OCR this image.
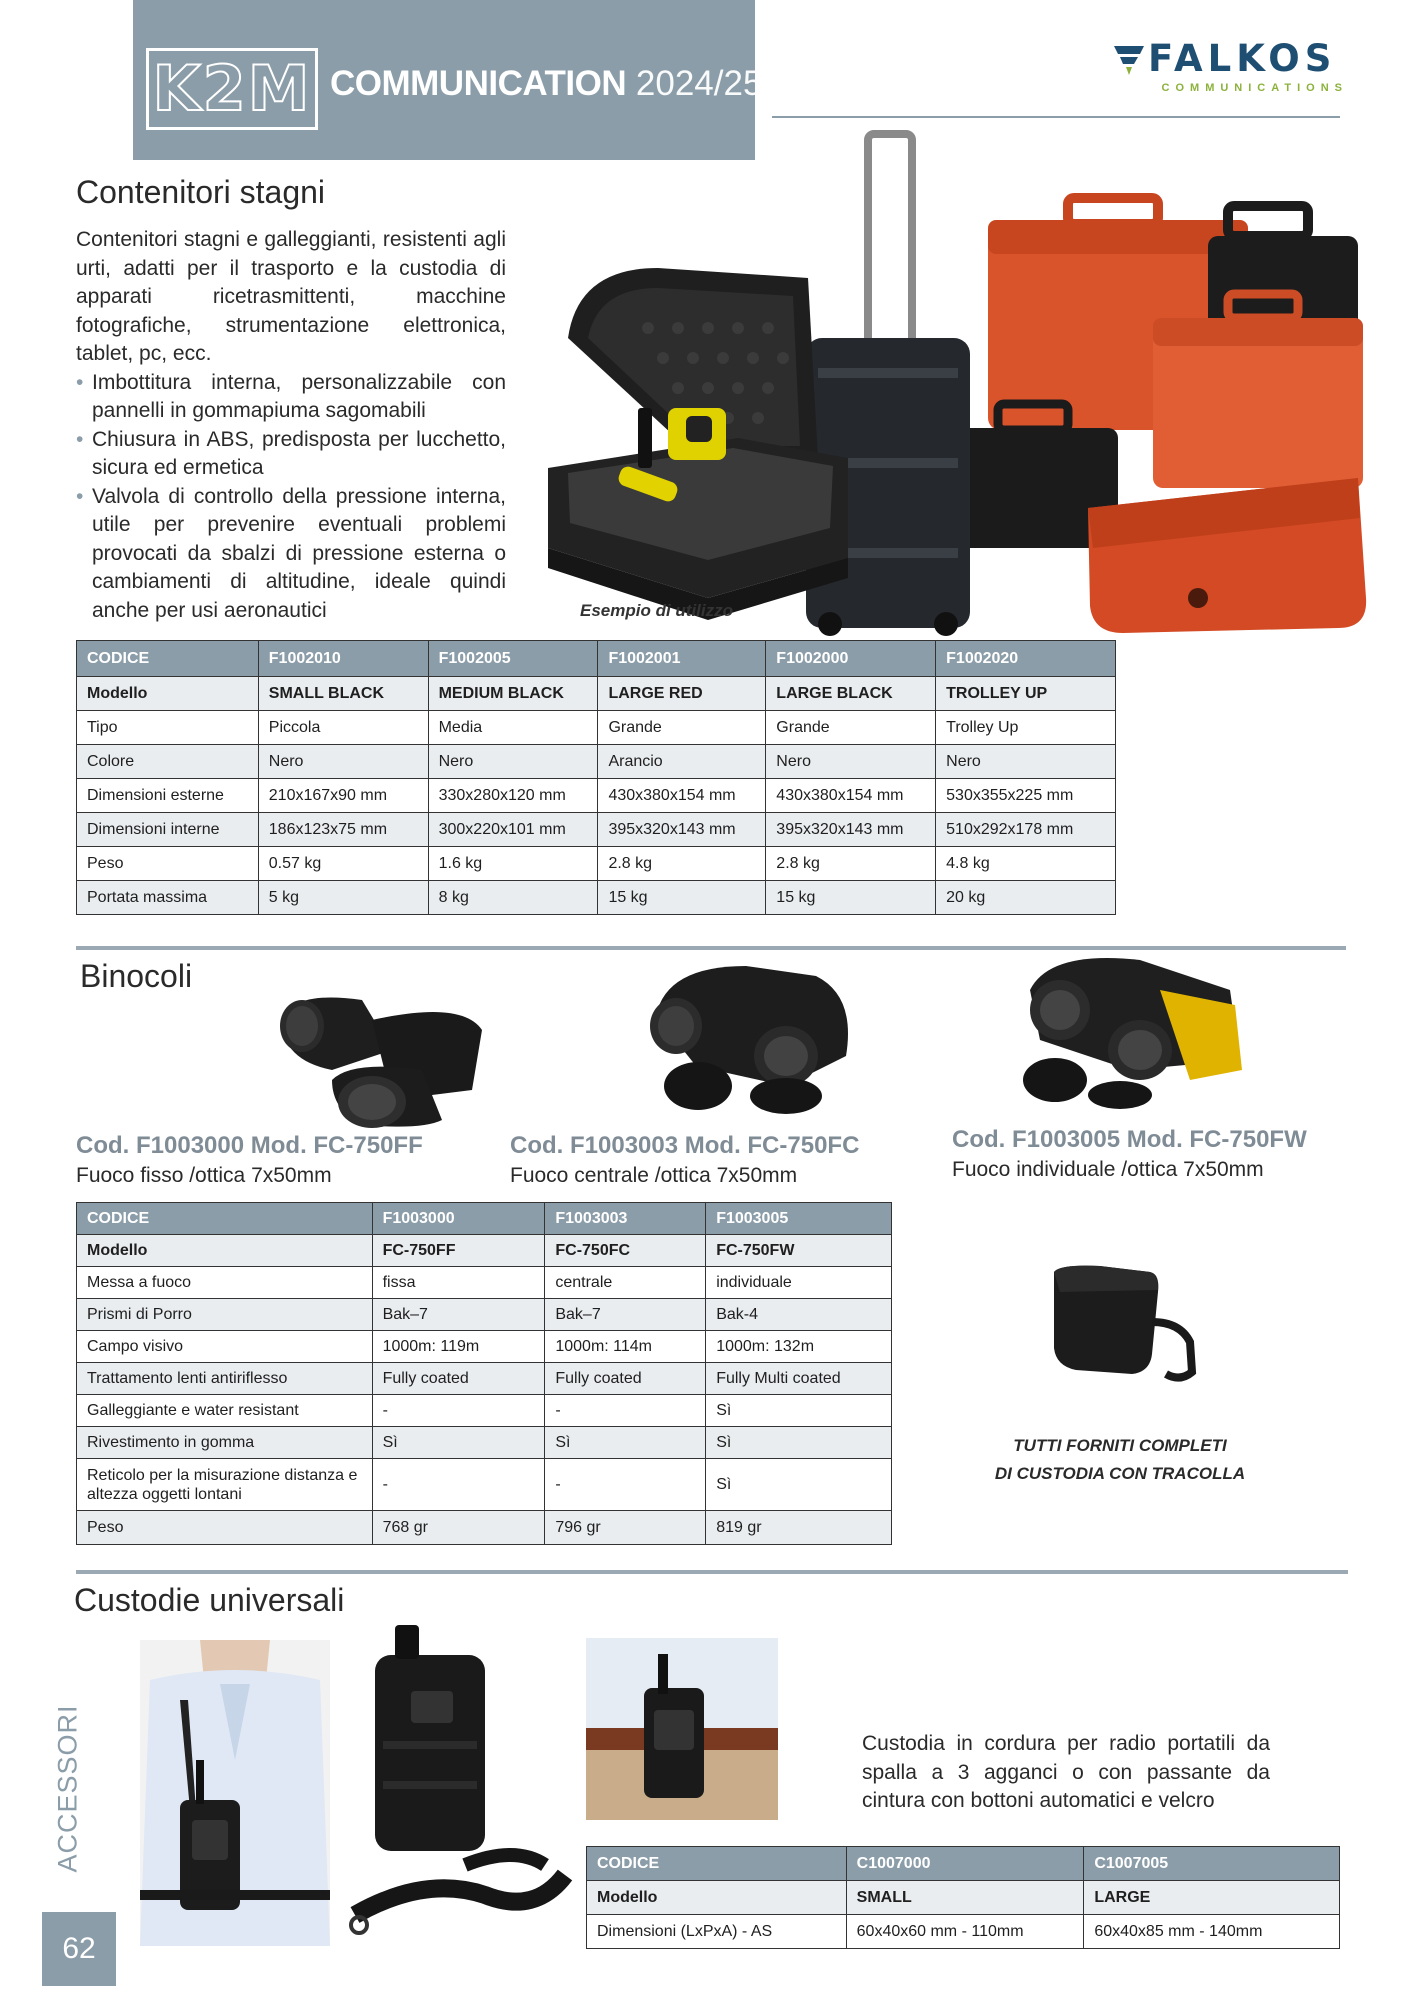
K2M COMMUNICATION 2024/25
FALKOS
COMMUNICATIONS
Contenitori stagni
Contenitori stagni e galleggianti, resistenti agli urti, adatti per il trasporto e la custodia di apparati ricetrasmittenti, macchine fotografiche, strumentazione elettronica, tablet, pc, ecc.
• Imbottitura interna, personalizzabile con pannelli in gommapiuma sagomabili
• Chiusura in ABS, predisposta per lucchetto, sicura ed ermetica
• Valvola di controllo della pressione interna, utile per prevenire eventuali problemi provocati da sbalzi di pressione esterna o cambiamenti di altitudine, ideale quindi anche per usi aeronautici	Esempio di utilizzo
CODICE	F1002010	F1002005	F1002001	F1002000	F1002020
Modello	SMALL BLACK	MEDIUM BLACK	LARGE RED	LARGE BLACK	TROLLEY UP
Tipo	Piccola	Media	Grande	Grande	Trolley Up
Colore	Nero	Nero	Arancio	Nero	Nero
Dimensioni esterne	210x167x90 mm	330x280x120 mm	430x380x154 mm	430x380x154 mm	530x355x225 mm
Dimensioni interne	186x123x75 mm	300x220x101 mm	395x320x143 mm	395x320x143 mm	510x292x178 mm
Peso	0.57 kg	1.6 kg	2.8 kg	2.8 kg	4.8 kg
Portata massima	5 kg	8 kg	15 kg	15 kg	20 kg
Binocoli
Cod. F1003000 Mod. FC-750FF
Fuoco fisso /ottica 7x50mm
Cod. F1003003 Mod. FC-750FC
Fuoco centrale /ottica 7x50mm
Cod. F1003005 Mod. FC-750FW
Fuoco individuale /ottica 7x50mm
CODICE	F1003000	F1003003	F1003005
Modello	FC-750FF	FC-750FC	FC-750FW
Messa a fuoco	fissa	centrale	individuale
Prismi di Porro	Bak–7	Bak–7	Bak-4
Campo visivo	1000m: 119m	1000m: 114m	1000m: 132m
Trattamento lenti antiriflesso	Fully coated	Fully coated	Fully Multi coated
Galleggiante e water resistant	-	-	Sì
Rivestimento in gomma	Sì	Sì	Sì
Reticolo per la misurazione distanza e altezza oggetti lontani	-	-	Sì
Peso	768 gr	796 gr	819 gr
TUTTI FORNITI COMPLETI
DI CUSTODIA CON TRACOLLA
Custodie universali
ACCESSORI
62
Custodia in cordura per radio portatili da spalla a 3 agganci o con passante da cintura con bottoni automatici e velcro
CODICE	C1007000	C1007005
Modello	SMALL	LARGE
Dimensioni (LxPxA) - AS	60x40x60 mm - 110mm	60x40x85 mm - 140mm
